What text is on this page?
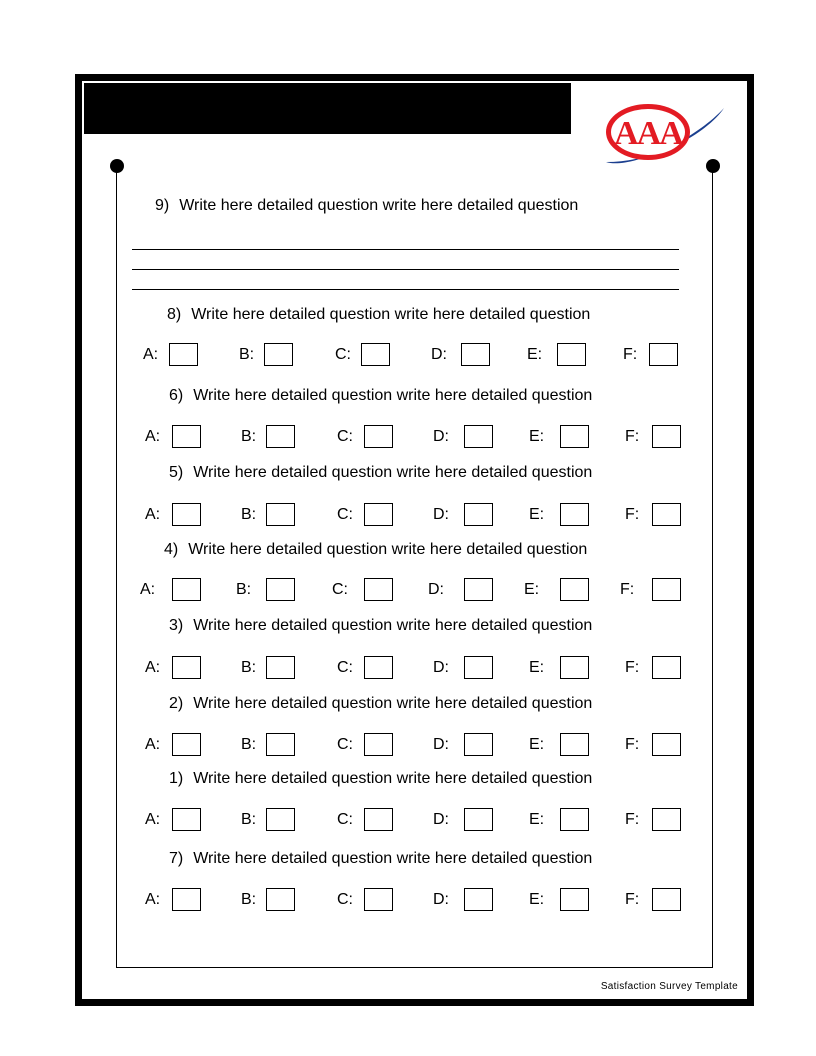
AAA
9) Write here detailed question write here detailed question
________
________
________
8) Write here detailed question write here detailed question
A:	B:	C:	D:	E:	F:
6) Write here detailed question write here detailed question
A:	B:	C:	D:	E:	F:
5) Write here detailed question write here detailed question
A:	B:	C:	D:	E:	F:
4) Write here detailed question write here detailed question
A:	B:	C:	D:	E:	F:
3) Write here detailed question write here detailed question
A:	B:	C:	D:	E:	F:
2) Write here detailed question write here detailed question
A:	B:	C:	D:	E:	F:
1) Write here detailed question write here detailed question
A:	B:	C:	D:	E:	F:
7) Write here detailed question write here detailed question
A:	B:	C:	D:	E:	F:
Satisfaction Survey Template
